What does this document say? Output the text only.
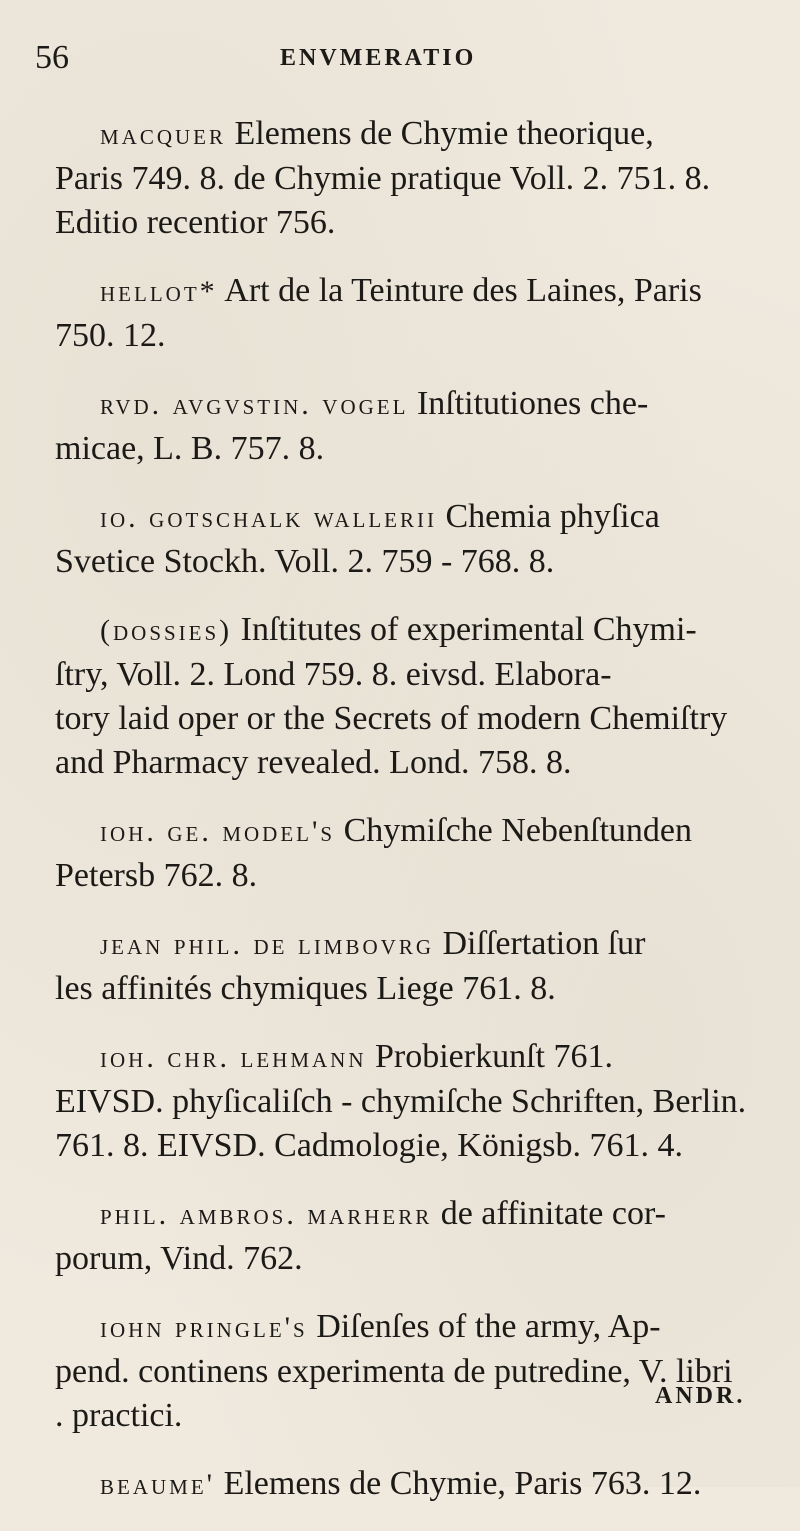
56	ENVMERATIO
macquer Elemens de Chymie theorique,
Paris 749. 8. de Chymie pratique Voll. 2. 751. 8.
Editio recentior 756.
hellot* Art de la Teinture des Laines, Paris
750. 12.
rvd. avgvstin. vogel Inſtitutiones che-
micae, L. B. 757. 8.
io. gotschalk wallerii Chemia phyſica
Svetice Stockh. Voll. 2. 759 - 768. 8.
(dossies) Inſtitutes of experimental Chymi-
ſtry, Voll. 2. Lond 759. 8. eivsd. Elabora-
tory laid oper or the Secrets of modern Chemiſtry
and Pharmacy revealed. Lond. 758. 8.
ioh. ge. model's Chymiſche Nebenſtunden
Petersb 762. 8.
jean phil. de limbovrg Diſſertation ſur
les affinités chymiques Liege 761. 8.
ioh. chr. lehmann Probierkunſt 761.
EIVSD. phyſicaliſch - chymiſche Schriften, Berlin.
761. 8. EIVSD. Cadmologie, Königsb. 761. 4.
phil. ambros. marherr de affinitate cor-
porum, Vind. 762.
iohn pringle's Diſenſes of the army, Ap-
pend. continens experimenta de putredine, V. libri
. practici.
beaume' Elemens de Chymie, Paris 763. 12.
ANDR.
